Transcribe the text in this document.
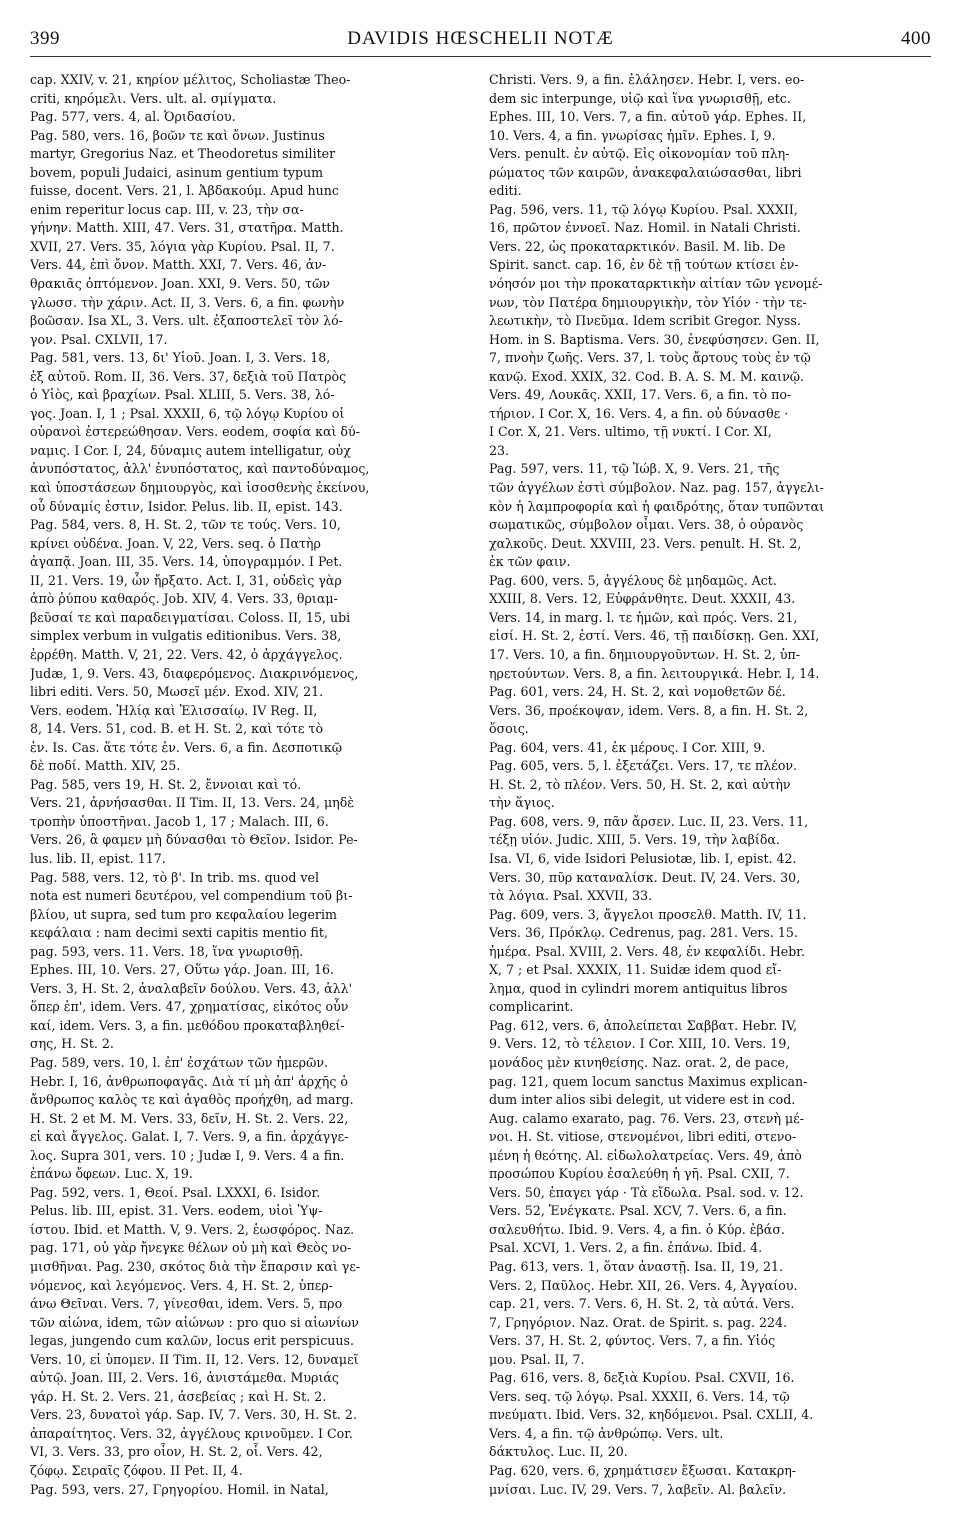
399	DAVIDIS HŒSCHELII NOTÆ	400
cap. XXIV, v. 21, κηρίον μέλιτος, Scholiastæ Theo-
criti, κηρόμελι. Vers. ult. al. σμίγματα.
Pag. 577, vers. 4, al. Ὀριδασίου.
Pag. 580, vers. 16, βοῶν τε καὶ ὄνων. Justinus
martyr, Gregorius Naz. et Theodoretus similiter
bovem, populi Judaici, asinum gentium typum
fuisse, docent. Vers. 21, l. Ἀβδακούμ. Apud hunc
enim reperitur locus cap. III, v. 23, τὴν σα-
γήνην. Matth. XIII, 47. Vers. 31, στατῆρα. Matth.
XVII, 27. Vers. 35, λόγια γὰρ Κυρίου. Psal. II, 7.
Vers. 44, ἐπὶ ὄνον. Matth. XXI, 7. Vers. 46, ἀν-
θρακιᾶς ὀπτόμενον. Joan. XXI, 9. Vers. 50, τῶν
γλωσσ. τὴν χάριν. Act. II, 3. Vers. 6, a fin. φωνὴν
βοῶσαν. Isa XL, 3. Vers. ult. ἐξαποστελεῖ τὸν λό-
γον. Psal. CXLVII, 17.
Pag. 581, vers. 13, δι' Υἱοῦ. Joan. I, 3. Vers. 18,
ἐξ αὐτοῦ. Rom. II, 36. Vers. 37, δεξιὰ τοῦ Πατρὸς
ὁ Υἱὸς, καὶ βραχίων. Psal. XLIII, 5. Vers. 38, λό-
γος. Joan. I, 1 ; Psal. XXXII, 6, τῷ λόγῳ Κυρίου οἱ
οὐρανοὶ ἐστερεώθησαν. Vers. eodem, σοφία καὶ δύ-
ναμις. I Cor. I, 24, δύναμις autem intelligatur, οὐχ
ἀνυπόστατος, ἀλλ' ἐνυπόστατος, καὶ παντοδύναμος,
καὶ ὑποστάσεων δημιουργὸς, καὶ ἰσοσθενὴς ἐκείνου,
οὗ δύναμίς ἐστιν, Isidor. Pelus. lib. II, epist. 143.
Pag. 584, vers. 8, H. St. 2, τῶν τε τούς. Vers. 10,
κρίνει οὐδένα. Joan. V, 22, Vers. seq. ὁ Πατὴρ
ἀγαπᾷ. Joan. III, 35. Vers. 14, ὑπογραμμόν. I Pet.
II, 21. Vers. 19, ὧν ἤρξατο. Act. I, 31, οὐδεὶς γὰρ
ἀπὸ ῥύπου καθαρός. Job. XIV, 4. Vers. 33, θριαμ-
βεῦσαί τε καὶ παραδειγματίσαι. Coloss. II, 15, ubi
simplex verbum in vulgatis editionibus. Vers. 38,
ἐρρέθη. Matth. V, 21, 22. Vers. 42, ὁ ἀρχάγγελος.
Judæ, 1, 9. Vers. 43, διαφερόμενος. Διακρινόμενος,
libri editi. Vers. 50, Μωσεῖ μέν. Exod. XIV, 21.
Vers. eodem. Ἠλίᾳ καὶ Ἐλισσαίῳ. IV Reg. II,
8, 14. Vers. 51, cod. B. et H. St. 2, καὶ τότε τὸ
ἐν. Is. Cas. ἅτε τότε ἐν. Vers. 6, a fin. Δεσποτικῷ
δὲ ποδί. Matth. XIV, 25.
Pag. 585, vers 19, H. St. 2, ἔννοιαι καὶ τό.
Vers. 21, ἀρνήσασθαι. II Tim. II, 13. Vers. 24, μηδὲ
τροπὴν ὑποστῆναι. Jacob 1, 17 ; Malach. III, 6.
Vers. 26, ἃ φαμεν μὴ δύνασθαι τὸ Θεῖον. Isidor. Pe-
lus. lib. II, epist. 117.
Pag. 588, vers. 12, τὸ β'. In trib. ms. quod vel
nota est numeri δευτέρου, vel compendium τοῦ βι-
βλίου, ut supra, sed tum pro κεφαλαίου legerim
κεφάλαια : nam decimi sexti capitis mentio fit,
pag. 593, vers. 11. Vers. 18, ἵνα γνωρισθῇ.
Ephes. III, 10. Vers. 27, Οὕτω γάρ. Joan. III, 16.
Vers. 3, H. St. 2, ἀναλαβεῖν δούλου. Vers. 43, ἀλλ'
ὅπερ ἐπ', idem. Vers. 47, χρηματίσας, εἰκότος οὖν
καί, idem. Vers. 3, a fin. μεθόδου προκαταβληθεί-
σης, H. St. 2.
Pag. 589, vers. 10, l. ἐπ' ἐσχάτων τῶν ἡμερῶν.
Hebr. I, 16, ἀνθρωποφαγᾶς. Διὰ τί μὴ ἀπ' ἀρχῆς ὁ
ἄνθρωπος καλὸς τε καὶ ἀγαθὸς προήχθη, ad marg.
H. St. 2 et M. M. Vers. 33, δεῖν, H. St. 2. Vers. 22,
εἰ καὶ ἄγγελος. Galat. I, 7. Vers. 9, a fin. ἀρχάγγε-
λος. Supra 301, vers. 10 ; Judæ I, 9. Vers. 4 a fin.
ἐπάνω ὄφεων. Luc. X, 19.
Pag. 592, vers. 1, Θεοί. Psal. LXXXI, 6. Isidor.
Pelus. lib. III, epist. 31. Vers. eodem, υἱοὶ Ὑψ-
ίστου. Ibid. et Matth. V, 9. Vers. 2, ἑωσφόρος. Naz.
pag. 171, οὐ γὰρ ἤνεγκε θέλων οὐ μὴ καὶ Θεὸς νο-
μισθῆναι. Pag. 230, σκότος διὰ τὴν ἔπαρσιν καὶ γε-
νόμενος, καὶ λεγόμενος. Vers. 4, H. St. 2, ὑπερ-
άνω Θεῖναι. Vers. 7, γίνεσθαι, idem. Vers. 5, προ
τῶν αἰώνα, idem, τῶν αἰώνων : pro quo si αἰωνίων
legas, jungendo cum καλῶν, locus erit perspicuus.
Vers. 10, εἰ ὑπομεν. II Tim. II, 12. Vers. 12, δυναμεῖ
αὐτῷ. Joan. III, 2. Vers. 16, ἀνιστάμεθα. Μυριάς
γάρ. H. St. 2. Vers. 21, ἀσεβείας ; καὶ H. St. 2.
Vers. 23, δυνατοὶ γάρ. Sap. IV, 7. Vers. 30, H. St. 2.
ἀπαραίτητος. Vers. 32, ἀγγέλους κρινοῦμεν. I Cor.
VI, 3. Vers. 33, pro οἷον, H. St. 2, οἷ. Vers. 42,
ζόφῳ. Σειραῖς ζόφου. II Pet. II, 4.
Pag. 593, vers. 27, Γρηγορίου. Homil. in Natal,
Christi. Vers. 9, a fin. ἐλάλησεν. Hebr. I, vers. eo-
dem sic interpunge, υἱῷ καὶ ἵνα γνωρισθῇ, etc.
Ephes. III, 10. Vers. 7, a fin. αὐτοῦ γάρ. Ephes. II,
10. Vers. 4, a fin. γνωρίσας ἡμῖν. Ephes. I, 9.
Vers. penult. ἐν αὐτῷ. Εἰς οἰκονομίαν τοῦ πλη-
ρώματος τῶν καιρῶν, ἀνακεφαλαιώσασθαι, libri
editi.
Pag. 596, vers. 11, τῷ λόγῳ Κυρίου. Psal. XXXII,
16, πρῶτον ἐννοεῖ. Naz. Homil. in Natali Christi.
Vers. 22, ὡς προκαταρκτικόν. Basil. M. lib. De
Spirit. sanct. cap. 16, ἐν δὲ τῇ τούτων κτίσει ἐν-
νόησόν μοι τὴν προκαταρκτικὴν αἰτίαν τῶν γενομέ-
νων, τὸν Πατέρα δημιουργικὴν, τὸν Υἱόν · τὴν τε-
λεωτικὴν, τὸ Πνεῦμα. Idem scribit Gregor. Nyss.
Hom. in S. Baptisma. Vers. 30, ἐνεφύσησεν. Gen. II,
7, πνοὴν ζωῆς. Vers. 37, l. τοὺς ἄρτους τοὺς ἐν τῷ
κανῷ. Exod. XXIX, 32. Cod. B. A. S. M. M. καινῷ.
Vers. 49, Λουκᾶς. XXII, 17. Vers. 6, a fin. τὸ πο-
τήριον. I Cor. X, 16. Vers. 4, a fin. οὐ δύνασθε ·
I Cor. X, 21. Vers. ultimo, τῇ νυκτί. I Cor. XI,
23.
Pag. 597, vers. 11, τῷ Ἰώβ. X, 9. Vers. 21, τῆς
τῶν ἀγγέλων ἐστὶ σύμβολον. Naz. pag. 157, ἀγγελι-
κὸν ἡ λαμπροφορία καὶ ἡ φαιδρότης, ὅταν τυπῶνται
σωματικῶς, σύμβολον οἶμαι. Vers. 38, ὁ οὐρανὸς
χαλκοῦς. Deut. XXVIII, 23. Vers. penult. H. St. 2,
ἐκ τῶν φαιν.
Pag. 600, vers. 5, ἀγγέλους δὲ μηδαμῶς. Act.
XXIII, 8. Vers. 12, Εὐφράνθητε. Deut. XXXII, 43.
Vers. 14, in marg. l. τε ἡμῶν, καὶ πρός. Vers. 21,
εἰσί. H. St. 2, ἐστί. Vers. 46, τῇ παιδίσκῃ. Gen. XXI,
17. Vers. 10, a fin. δημιουργοῦντων. H. St. 2, ὑπ-
ηρετούντων. Vers. 8, a fin. λειτουργικά. Hebr. I, 14.
Pag. 601, vers. 24, H. St. 2, καὶ νομοθετῶν δέ.
Vers. 36, προέκοψαν, idem. Vers. 8, a fin. H. St. 2,
ὅσοις.
Pag. 604, vers. 41, ἐκ μέρους. I Cor. XIII, 9.
Pag. 605, vers. 5, l. ἐξετάζει. Vers. 17, τε πλέον.
H. St. 2, τὸ πλέον. Vers. 50, H. St. 2, καὶ αὐτὴν
τὴν ἅγιος.
Pag. 608, vers. 9, πᾶν ἄρσεν. Luc. II, 23. Vers. 11,
τέξῃ υἱόν. Judic. XIII, 5. Vers. 19, τὴν λαβίδα.
Isa. VI, 6, vide Isidori Pelusiotæ, lib. I, epist. 42.
Vers. 30, πῦρ καταναλίσκ. Deut. IV, 24. Vers. 30,
τὰ λόγια. Psal. XXVII, 33.
Pag. 609, vers. 3, ἄγγελοι προσελθ. Matth. IV, 11.
Vers. 36, Πρόκλῳ. Cedrenus, pag. 281. Vers. 15.
ἡμέρα. Psal. XVIII, 2. Vers. 48, ἐν κεφαλίδι. Hebr.
X, 7 ; et Psal. XXXIX, 11. Suidæ idem quod εἴ-
λημα, quod in cylindri morem antiquitus libros
complicarint.
Pag. 612, vers. 6, ἀπολείπεται Σαββατ. Hebr. IV,
9. Vers. 12, τὸ τέλειον. I Cor. XIII, 10. Vers. 19,
μονάδος μὲν κινηθείσης. Naz. orat. 2, de pace,
pag. 121, quem locum sanctus Maximus explican-
dum inter alios sibi delegit, ut videre est in cod.
Aug. calamo exarato, pag. 76. Vers. 23, στενὴ μέ-
νοι. H. St. vitiose, στενομένοι, libri editi, στενο-
μένη ἡ θεότης. Al. εἰδωλολατρείας. Vers. 49, ἀπὸ
προσώπου Κυρίου ἐσαλεύθη ἡ γῆ. Psal. CXII, 7.
Vers. 50, ἐπαγει γάρ · Τὰ εἴδωλα. Psal. sod. v. 12.
Vers. 52, Ἐνέγκατε. Psal. XCV, 7. Vers. 6, a fin.
σαλευθήτω. Ibid. 9. Vers. 4, a fin. ὁ Κύρ. ἐβάσ.
Psal. XCVI, 1. Vers. 2, a fin. ἐπάνω. Ibid. 4.
Pag. 613, vers. 1, ὅταν ἀναστῇ. Isa. II, 19, 21.
Vers. 2, Παῦλος. Hebr. XII, 26. Vers. 4, Ἀγγαίου.
cap. 21, vers. 7. Vers. 6, H. St. 2, τὰ αὐτά. Vers.
7, Γρηγόριον. Naz. Orat. de Spirit. s. pag. 224.
Vers. 37, H. St. 2, φύντος. Vers. 7, a fin. Υἱός
μου. Psal. II, 7.
Pag. 616, vers. 8, δεξιὰ Κυρίου. Psal. CXVII, 16.
Vers. seq. τῷ λόγῳ. Psal. XXXII, 6. Vers. 14, τῷ
πνεύματι. Ibid. Vers. 32, κηδόμενοι. Psal. CXLII, 4.
Vers. 4, a fin. τῷ ἀνθρώπῳ. Vers. ult.
δάκτυλος. Luc. II, 20.
Pag. 620, vers. 6, χρημάτισεν ἔξωσαι. Κατακρη-
μνίσαι. Luc. IV, 29. Vers. 7, λαβεῖν. Al. βαλεῖν.
